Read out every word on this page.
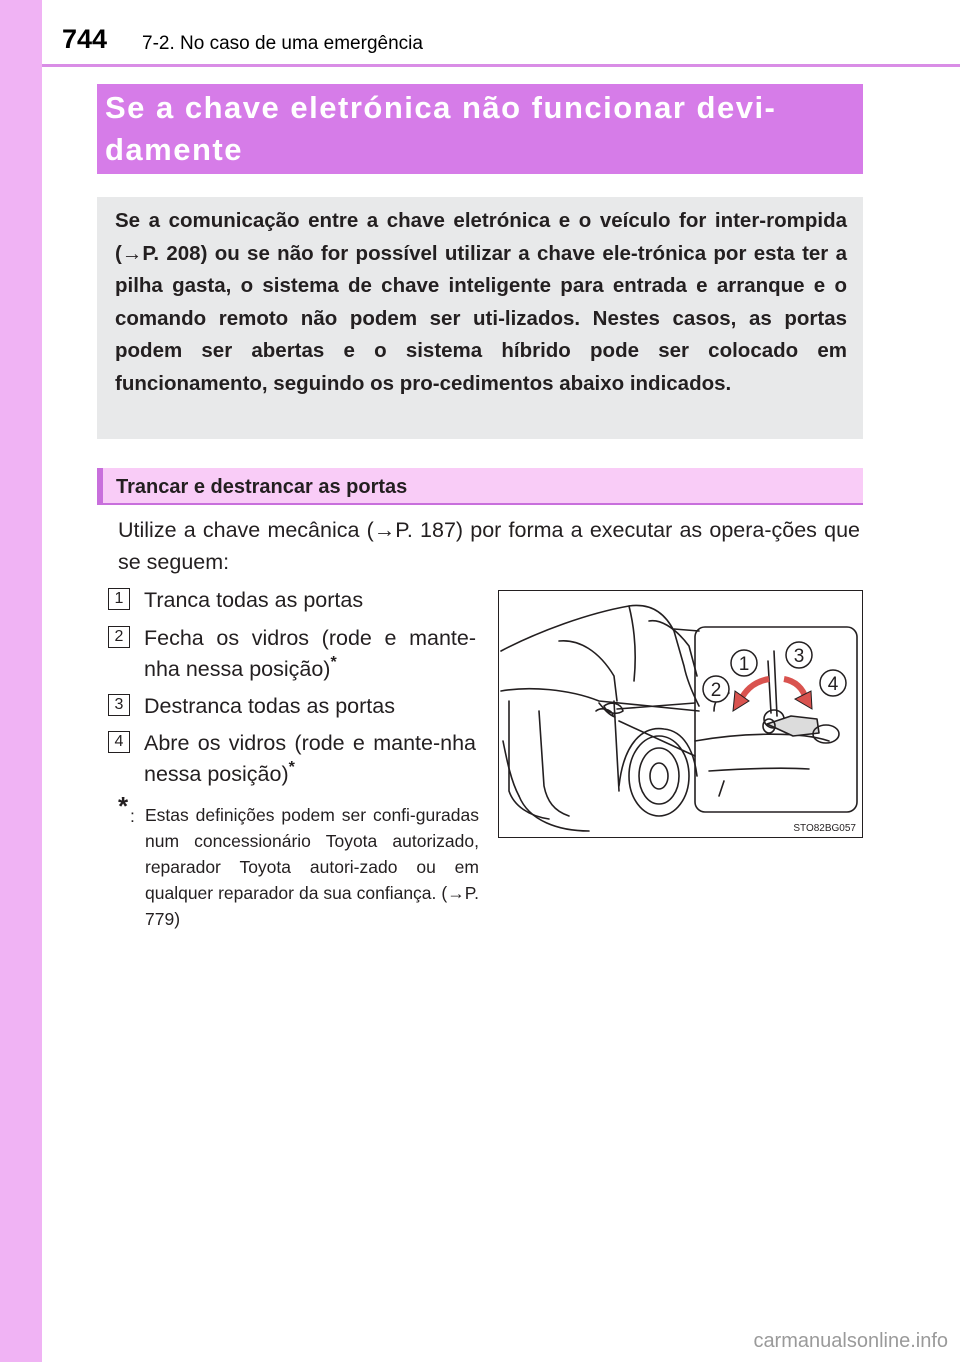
744 7-2. No caso de uma emergência
Se a chave eletrónica não funcionar devi-damente
Se a comunicação entre a chave eletrónica e o veículo for inter-rompida (→P. 208) ou se não for possível utilizar a chave ele-trónica por esta ter a pilha gasta, o sistema de chave inteligente para entrada e arranque e o comando remoto não podem ser uti-lizados. Nestes casos, as portas podem ser abertas e o sistema híbrido pode ser colocado em funcionamento, seguindo os pro-cedimentos abaixo indicados.
Trancar e destrancar as portas
Utilize a chave mecânica (→P. 187) por forma a executar as opera-ções que se seguem:
1 Tranca todas as portas
2 Fecha os vidros (rode e mante-nha nessa posição)*
3 Destranca todas as portas
4 Abre os vidros (rode e mante-nha nessa posição)*
* : Estas definições podem ser confi-guradas num concessionário Toyota autorizado, reparador Toyota autori-zado ou em qualquer reparador da sua confiança. (→P. 779)
1 3
2	4
STO82BG057
carmanualsonline.info
